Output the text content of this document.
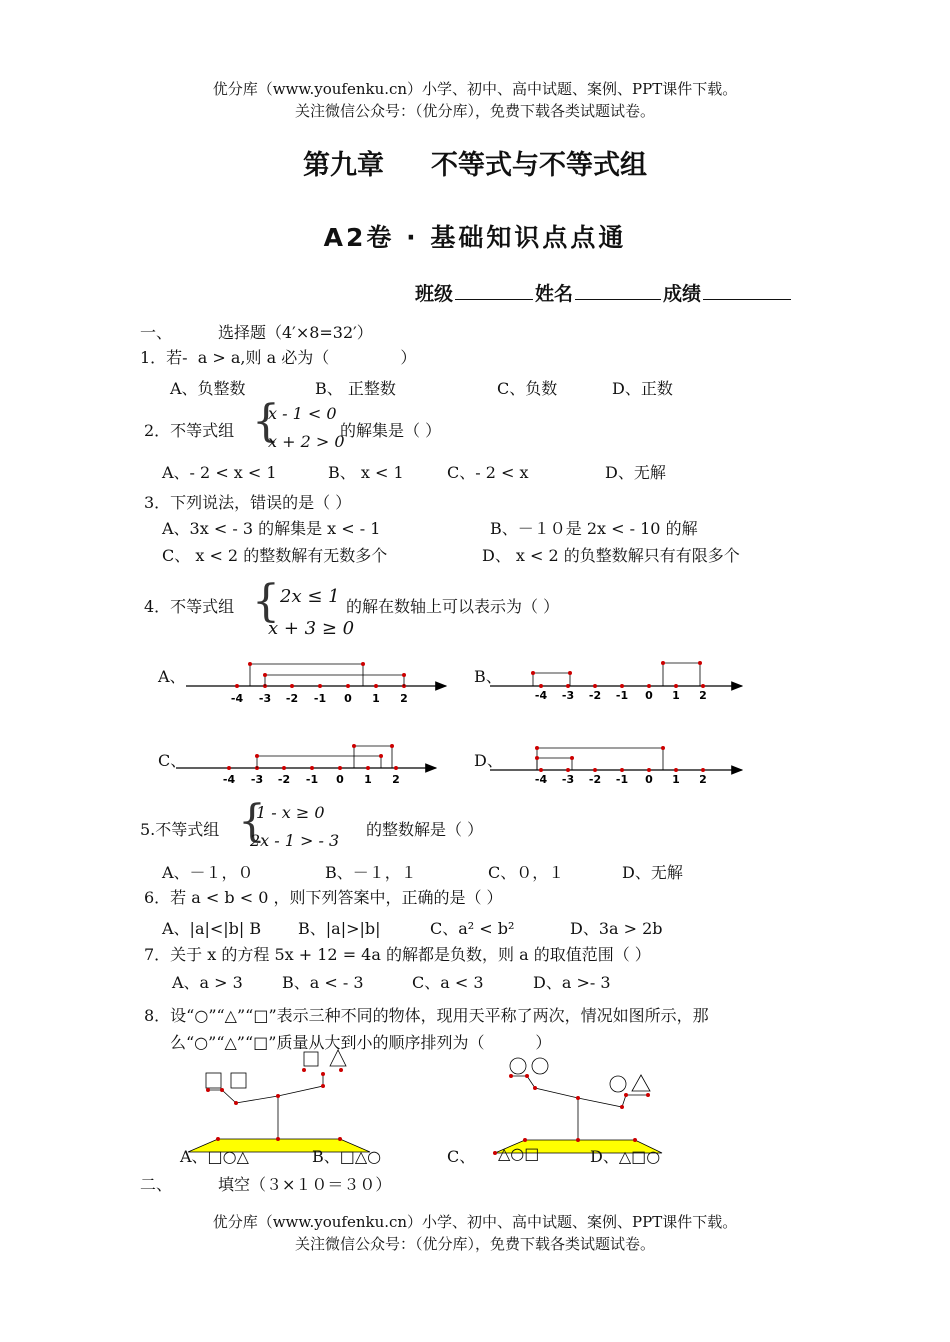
优分库（www.youfenku.cn）小学、初中、高中试题、案例、PPT课件下载。
关注微信公众号：（优分库），免费下载各类试题试卷。
第九章     不等式与不等式组
A2卷 · 基础知识点点通
班级	姓名	成绩
一、	选择题（4′×8=32′）
1．若-  a > a,则 a 必为（              ）
A、负整数	B、 正整数	C、负数	D、正数
2．不等式组 {
x - 1 < 0
x + 2 > 0
的解集是（ ）
A、- 2 < x < 1	B、 x < 1	C、- 2 < x	D、无解
3．下列说法，错误的是（ ）
A、3x < - 3 的解集是 x < - 1	B、－１０是 2x < - 10 的解
C、 x < 2 的整数解有无数多个	D、 x < 2 的负整数解只有有限多个
4．不等式组 { 2x ≤ 1
x + 3 ≥ 0
的解在数轴上可以表示为（ ）
A、	B、
C、	D、
-4 -3 -2 -1 0 1 2	-4 -3 -2 -1 0 1 2
-4 -3 -2 -1 0 1 2	-4 -3 -2 -1 0 1 2
5.不等式组 {
1 - x ≥ 0
2x - 1 > - 3
的整数解是（ ）
A、－１，０	B、－１，１	C、０，１	D、无解
6．若 a < b < 0 ，则下列答案中，正确的是（ ）
A、|a|<|b| B B、|a|>|b|	C、a² < b²	D、3a > 2b
7．关于 x 的方程 5x + 12 = 4a 的解都是负数，则 a 的取值范围（ ）
A、a > 3 B、a < - 3	C、a < 3	D、a >- 3
8．设“○”“△”“□”表示三种不同的物体，现用天平称了两次，情况如图所示，那
么“○”“△”“□”质量从大到小的顺序排列为（          ）
A、□○△	B、□△○	C、 △○□	D、△□○
二、	填空（３×１０＝３０）
优分库（www.youfenku.cn）小学、初中、高中试题、案例、PPT课件下载。
关注微信公众号：（优分库），免费下载各类试题试卷。
